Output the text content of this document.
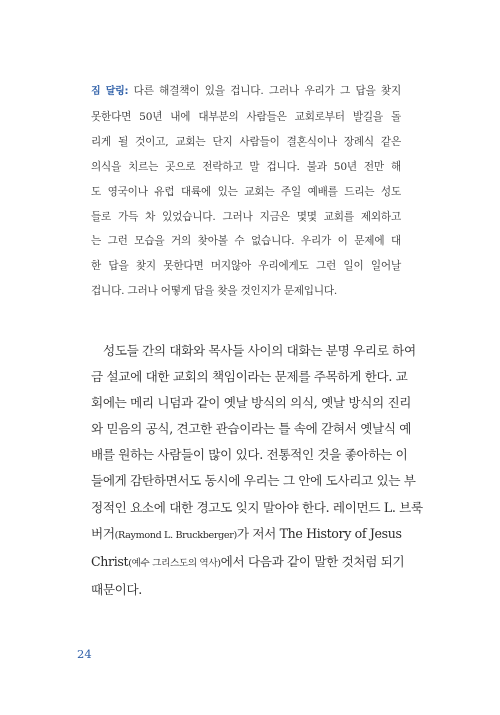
짐 달링: 다른 해결책이 있을 겁니다. 그러나 우리가 그 답을 찾지
못한다면 50년 내에 대부분의 사람들은 교회로부터 발길을 돌
리게 될 것이고, 교회는 단지 사람들이 결혼식이나 장례식 같은
의식을 치르는 곳으로 전락하고 말 겁니다. 불과 50년 전만 해
도 영국이나 유럽 대륙에 있는 교회는 주일 예배를 드리는 성도
들로 가득 차 있었습니다. 그러나 지금은 몇몇 교회를 제외하고
는 그런 모습을 거의 찾아볼 수 없습니다. 우리가 이 문제에 대
한 답을 찾지 못한다면 머지않아 우리에게도 그런 일이 일어날
겁니다. 그러나 어떻게 답을 찾을 것인지가 문제입니다.
성도들 간의 대화와 목사들 사이의 대화는 분명 우리로 하여
금 설교에 대한 교회의 책임이라는 문제를 주목하게 한다. 교
회에는 메리 니덤과 같이 옛날 방식의 의식, 옛날 방식의 진리
와 믿음의 공식, 견고한 관습이라는 틀 속에 갇혀서 옛날식 예
배를 원하는 사람들이 많이 있다. 전통적인 것을 좋아하는 이
들에게 감탄하면서도 동시에 우리는 그 안에 도사리고 있는 부
정적인 요소에 대한 경고도 잊지 말아야 한다. 레이먼드 L. 브룩
버거(Raymond L. Bruckberger)가 저서 The History of Jesus
Christ(예수 그리스도의 역사)에서 다음과 같이 말한 것처럼 되기
때문이다.
24
